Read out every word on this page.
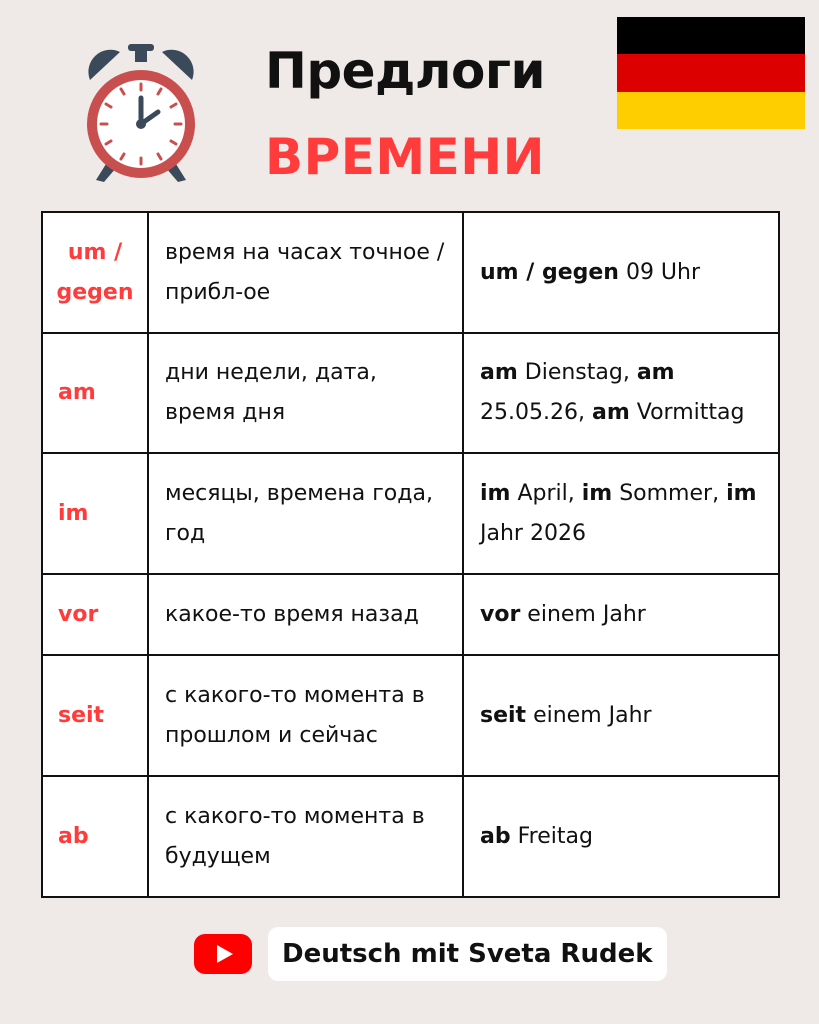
Предлоги
ВРЕМЕНИ
um / gegen	время на часах точное / прибл-ое	um / gegen 09 Uhr
am	дни недели, дата, время дня	am Dienstag, am 25.05.26, am Vormittag
im	месяцы, времена года, год	im April, im Sommer, im Jahr 2026
vor	какое-то время назад	vor einem Jahr
seit	с какого-то момента в прошлом и сейчас	seit einem Jahr
ab	с какого-то момента в будущем	ab Freitag
Deutsch mit Sveta Rudek
